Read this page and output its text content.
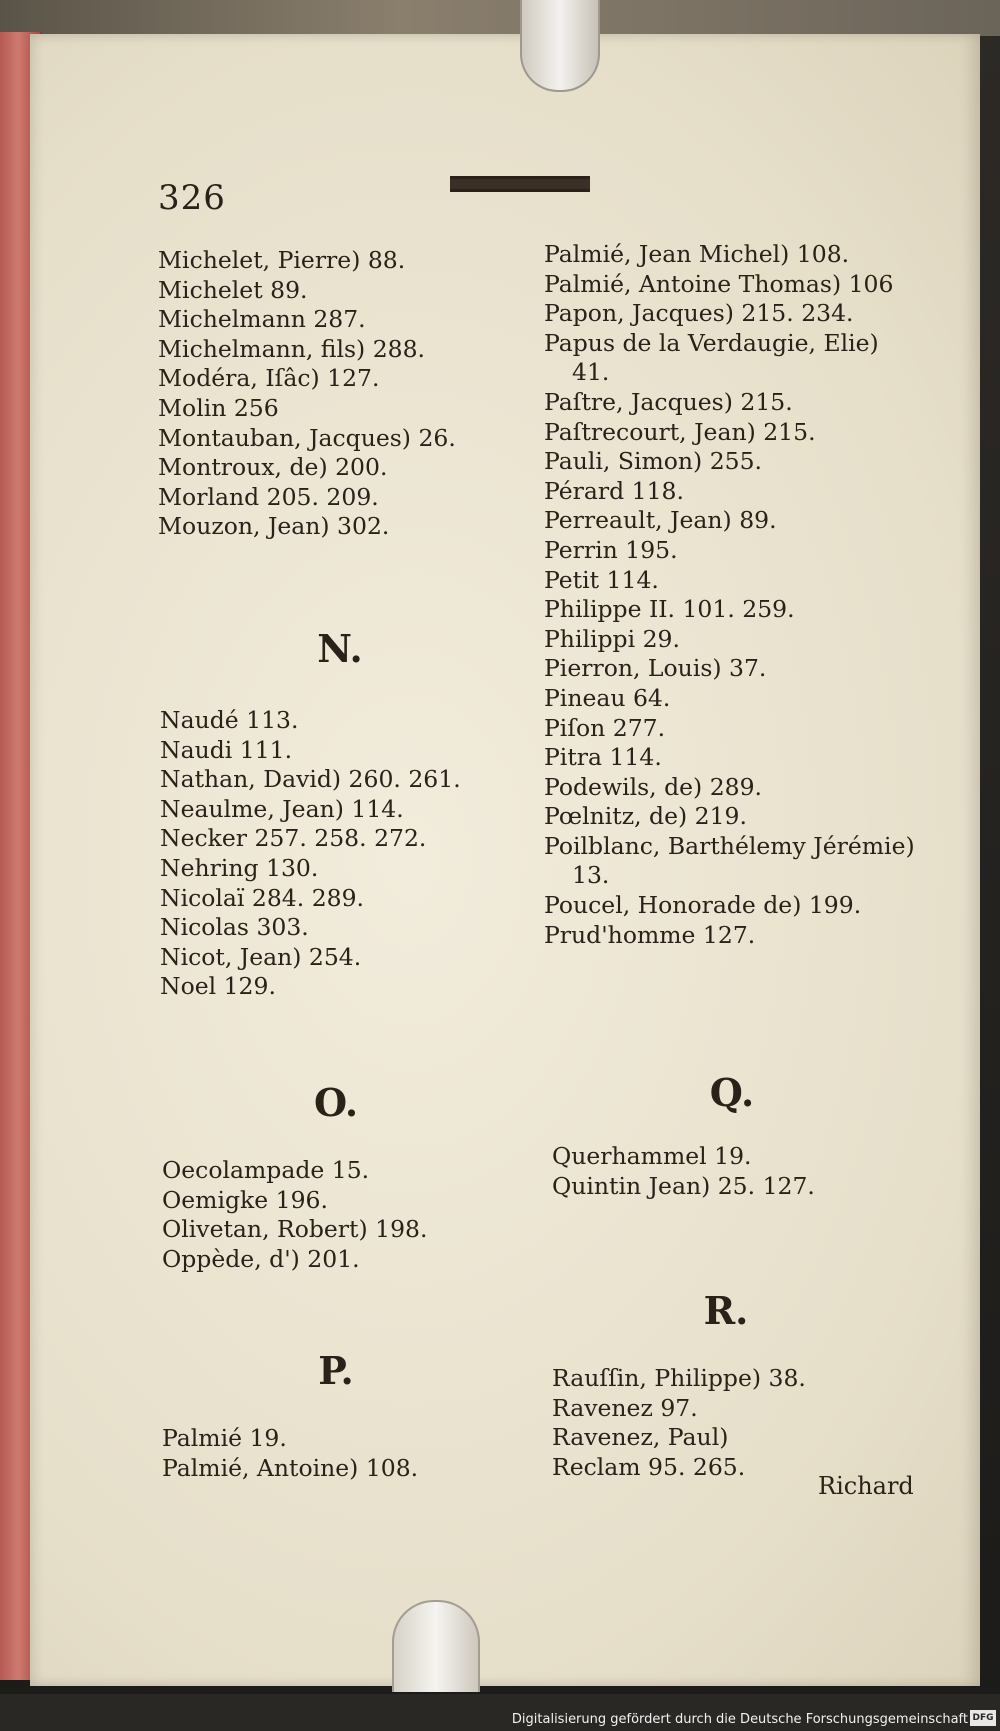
326
Michelet, Pierre) 88.
Michelet 89.
Michelmann 287.
Michelmann, fils) 288.
Modéra, Iſâc) 127.
Molin 256
Montauban, Jacques) 26.
Montroux, de) 200.
Morland 205. 209.
Mouzon, Jean) 302.
N.
Naudé 113.
Naudi 111.
Nathan, David) 260. 261.
Neaulme, Jean) 114.
Necker 257. 258. 272.
Nehring 130.
Nicolaï 284. 289.
Nicolas 303.
Nicot, Jean) 254.
Noel 129.
O.
Oecolampade 15.
Oemigke 196.
Olivetan, Robert) 198.
Oppède, d') 201.
P.
Palmié 19.
Palmié, Antoine) 108.
Palmié, Jean Michel) 108.
Palmié, Antoine Thomas) 106
Papon, Jacques) 215. 234.
Papus de la Verdaugie, Elie)
41.
Paſtre, Jacques) 215.
Paſtrecourt, Jean) 215.
Pauli, Simon) 255.
Pérard 118.
Perreault, Jean) 89.
Perrin 195.
Petit 114.
Philippe II. 101. 259.
Philippi 29.
Pierron, Louis) 37.
Pineau 64.
Piſon 277.
Pitra 114.
Podewils, de) 289.
Pœlnitz, de) 219.
Poilblanc, Barthélemy Jérémie)
13.
Poucel, Honorade de) 199.
Prud'homme 127.
Q.
Querhammel 19.
Quintin Jean) 25. 127.
R.
Rauſſin, Philippe) 38.
Ravenez 97.
Ravenez, Paul)
Reclam 95. 265.
Richard
Digitalisierung gefördert durch die Deutsche Forschungsgemeinschaft DFG
